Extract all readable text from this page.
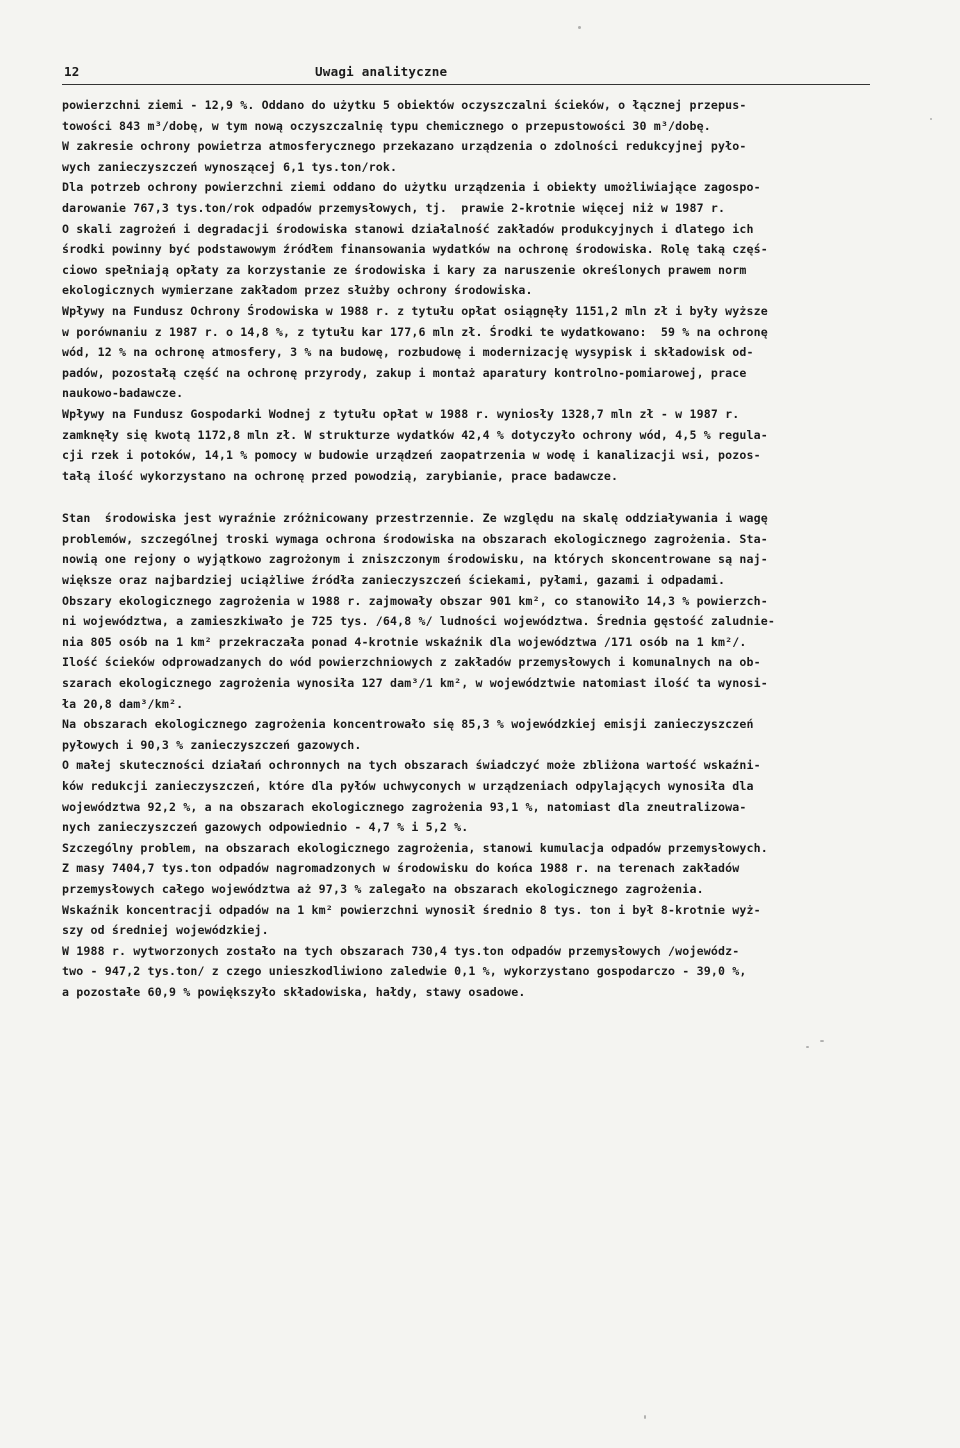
12	Uwagi analityczne
powierzchni ziemi - 12,9 %. Oddano do użytku 5 obiektów oczyszczalni ścieków, o łącznej przepus-
towości 843 m³/dobę, w tym nową oczyszczalnię typu chemicznego o przepustowości 30 m³/dobę.
W zakresie ochrony powietrza atmosferycznego przekazano urządzenia o zdolności redukcyjnej pyło-
wych zanieczyszczeń wynoszącej 6,1 tys.ton/rok.
Dla potrzeb ochrony powierzchni ziemi oddano do użytku urządzenia i obiekty umożliwiające zagospo-
darowanie 767,3 tys.ton/rok odpadów przemysłowych, tj.  prawie 2-krotnie więcej niż w 1987 r.
O skali zagrożeń i degradacji środowiska stanowi działalność zakładów produkcyjnych i dlatego ich
środki powinny być podstawowym źródłem finansowania wydatków na ochronę środowiska. Rolę taką częś-
ciowo spełniają opłaty za korzystanie ze środowiska i kary za naruszenie określonych prawem norm
ekologicznych wymierzane zakładom przez służby ochrony środowiska.
Wpływy na Fundusz Ochrony Środowiska w 1988 r. z tytułu opłat osiągnęły 1151,2 mln zł i były wyższe
w porównaniu z 1987 r. o 14,8 %, z tytułu kar 177,6 mln zł. Środki te wydatkowano:  59 % na ochronę
wód, 12 % na ochronę atmosfery, 3 % na budowę, rozbudowę i modernizację wysypisk i składowisk od-
padów, pozostałą część na ochronę przyrody, zakup i montaż aparatury kontrolno-pomiarowej, prace
naukowo-badawcze.
Wpływy na Fundusz Gospodarki Wodnej z tytułu opłat w 1988 r. wyniosły 1328,7 mln zł - w 1987 r.
zamknęły się kwotą 1172,8 mln zł. W strukturze wydatków 42,4 % dotyczyło ochrony wód, 4,5 % regula-
cji rzek i potoków, 14,1 % pomocy w budowie urządzeń zaopatrzenia w wodę i kanalizacji wsi, pozos-
tałą ilość wykorzystano na ochronę przed powodzią, zarybianie, prace badawcze.
Stan  środowiska jest wyraźnie zróżnicowany przestrzennie. Ze względu na skalę oddziaływania i wagę
problemów, szczególnej troski wymaga ochrona środowiska na obszarach ekologicznego zagrożenia. Sta-
nowią one rejony o wyjątkowo zagrożonym i zniszczonym środowisku, na których skoncentrowane są naj-
większe oraz najbardziej uciążliwe źródła zanieczyszczeń ściekami, pyłami, gazami i odpadami.
Obszary ekologicznego zagrożenia w 1988 r. zajmowały obszar 901 km², co stanowiło 14,3 % powierzch-
ni województwa, a zamieszkiwało je 725 tys. /64,8 %/ ludności województwa. Średnia gęstość zaludnie-
nia 805 osób na 1 km² przekraczała ponad 4-krotnie wskaźnik dla województwa /171 osób na 1 km²/.
Ilość ścieków odprowadzanych do wód powierzchniowych z zakładów przemysłowych i komunalnych na ob-
szarach ekologicznego zagrożenia wynosiła 127 dam³/1 km², w województwie natomiast ilość ta wynosi-
ła 20,8 dam³/km².
Na obszarach ekologicznego zagrożenia koncentrowało się 85,3 % wojewódzkiej emisji zanieczyszczeń
pyłowych i 90,3 % zanieczyszczeń gazowych.
O małej skuteczności działań ochronnych na tych obszarach świadczyć może zbliżona wartość wskaźni-
ków redukcji zanieczyszczeń, które dla pyłów uchwyconych w urządzeniach odpylających wynosiła dla
województwa 92,2 %, a na obszarach ekologicznego zagrożenia 93,1 %, natomiast dla zneutralizowa-
nych zanieczyszczeń gazowych odpowiednio - 4,7 % i 5,2 %.
Szczególny problem, na obszarach ekologicznego zagrożenia, stanowi kumulacja odpadów przemysłowych.
Z masy 7404,7 tys.ton odpadów nagromadzonych w środowisku do końca 1988 r. na terenach zakładów
przemysłowych całego województwa aż 97,3 % zalegało na obszarach ekologicznego zagrożenia.
Wskaźnik koncentracji odpadów na 1 km² powierzchni wynosił średnio 8 tys. ton i był 8-krotnie wyż-
szy od średniej wojewódzkiej.
W 1988 r. wytworzonych zostało na tych obszarach 730,4 tys.ton odpadów przemysłowych /wojewódz-
two - 947,2 tys.ton/ z czego unieszkodliwiono zaledwie 0,1 %, wykorzystano gospodarczo - 39,0 %,
a pozostałe 60,9 % powiększyło składowiska, hałdy, stawy osadowe.
